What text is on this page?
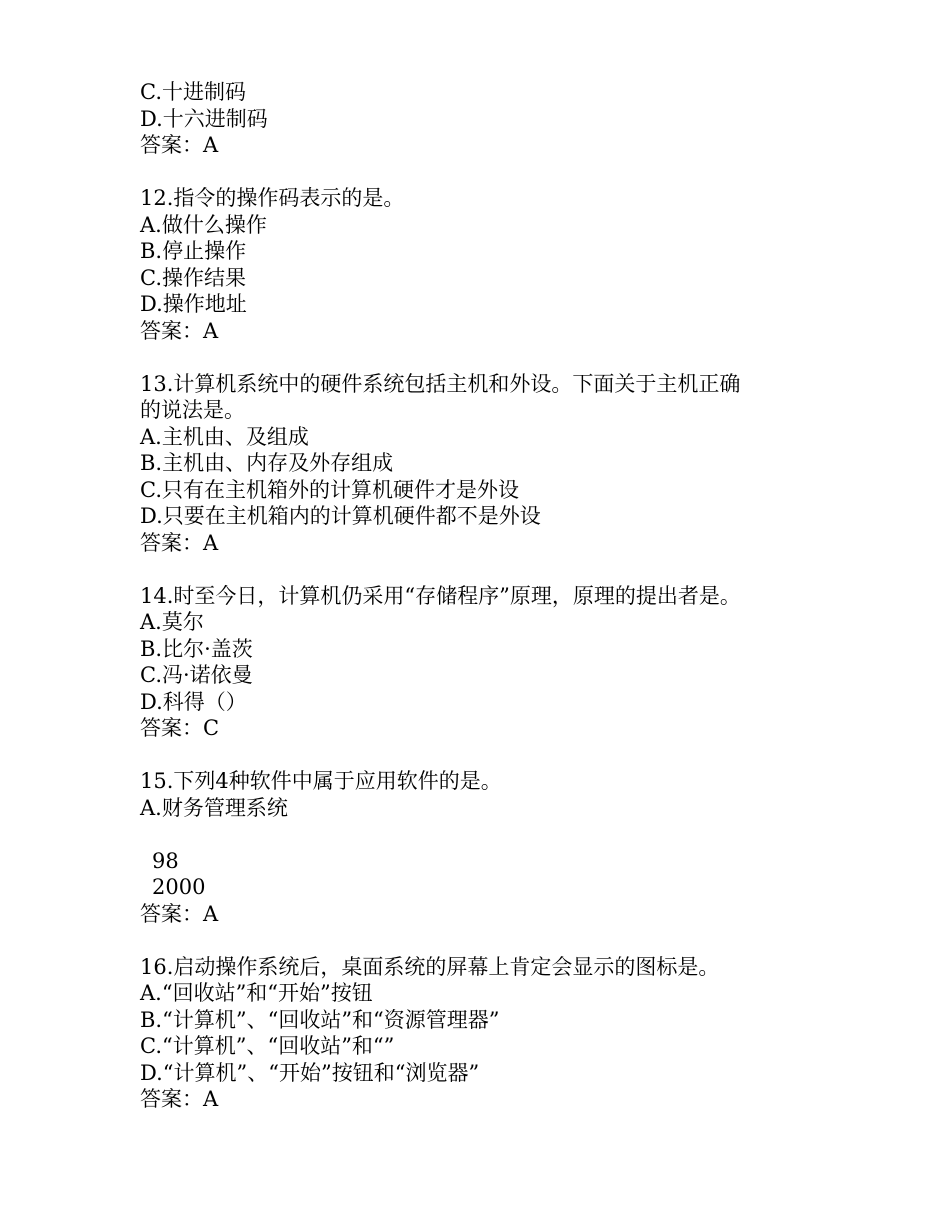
C.十进制码
D.十六进制码
答案：A
12.指令的操作码表示的是。
A.做什么操作
B.停止操作
C.操作结果
D.操作地址
答案：A
13.计算机系统中的硬件系统包括主机和外设。下面关于主机正确
的说法是。
A.主机由、及组成
B.主机由、内存及外存组成
C.只有在主机箱外的计算机硬件才是外设
D.只要在主机箱内的计算机硬件都不是外设
答案：A
14.时至今日，计算机仍采用“存储程序”原理，原理的提出者是。
A.莫尔
B.比尔·盖茨
C.冯·诺依曼
D.科得（）
答案：C
15.下列4种软件中属于应用软件的是。
A.财务管理系统
98
2000
答案：A
16.启动操作系统后，桌面系统的屏幕上肯定会显示的图标是。
A.“回收站”和“开始”按钮
B.“计算机”、“回收站”和“资源管理器”
C.“计算机”、“回收站”和“”
D.“计算机”、“开始”按钮和“浏览器”
答案：A
